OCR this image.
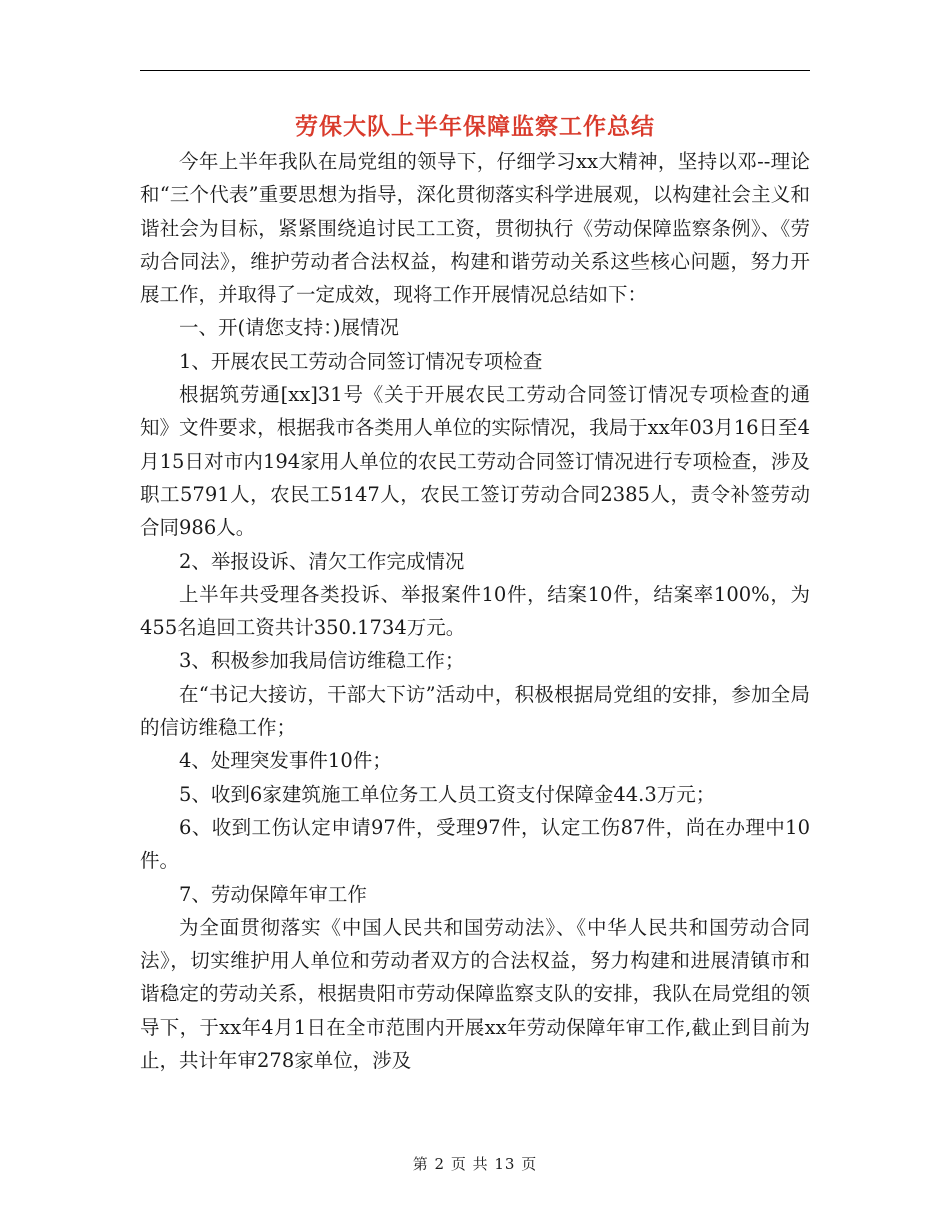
劳保大队上半年保障监察工作总结

今年上半年我队在局党组的领导下，仔细学习xx大精神，坚持以邓--理论和“三个代表”重要思想为指导，深化贯彻落实科学进展观，以构建社会主义和谐社会为目标，紧紧围绕追讨民工工资，贯彻执行《劳动保障监察条例》、《劳动合同法》，维护劳动者合法权益，构建和谐劳动关系这些核心问题，努力开展工作，并取得了一定成效，现将工作开展情况总结如下：

一、开(请您支持：)展情况

1、开展农民工劳动合同签订情况专项检查

根据筑劳通[xx]31号《关于开展农民工劳动合同签订情况专项检查的通知》文件要求，根据我市各类用人单位的实际情况，我局于xx年03月16日至4月15日对市内194家用人单位的农民工劳动合同签订情况进行专项检查，涉及职工5791人，农民工5147人，农民工签订劳动合同2385人，责令补签劳动合同986人。

2、举报设诉、清欠工作完成情况

上半年共受理各类投诉、举报案件10件，结案10件，结案率100%，为455名追回工资共计350.1734万元。

3、积极参加我局信访维稳工作；

在“书记大接访，干部大下访”活动中，积极根据局党组的安排，参加全局的信访维稳工作；

4、处理突发事件10件；

5、收到6家建筑施工单位务工人员工资支付保障金44.3万元；

6、收到工伤认定申请97件，受理97件，认定工伤87件，尚在办理中10件。

7、劳动保障年审工作

为全面贯彻落实《中国人民共和国劳动法》、《中华人民共和国劳动合同法》，切实维护用人单位和劳动者双方的合法权益，努力构建和进展清镇市和谐稳定的劳动关系，根据贵阳市劳动保障监察支队的安排，我队在局党组的领导下，于xx年4月1日在全市范围内开展xx年劳动保障年审工作,截止到目前为止，共计年审278家单位，涉及

第 2 页 共 13 页
